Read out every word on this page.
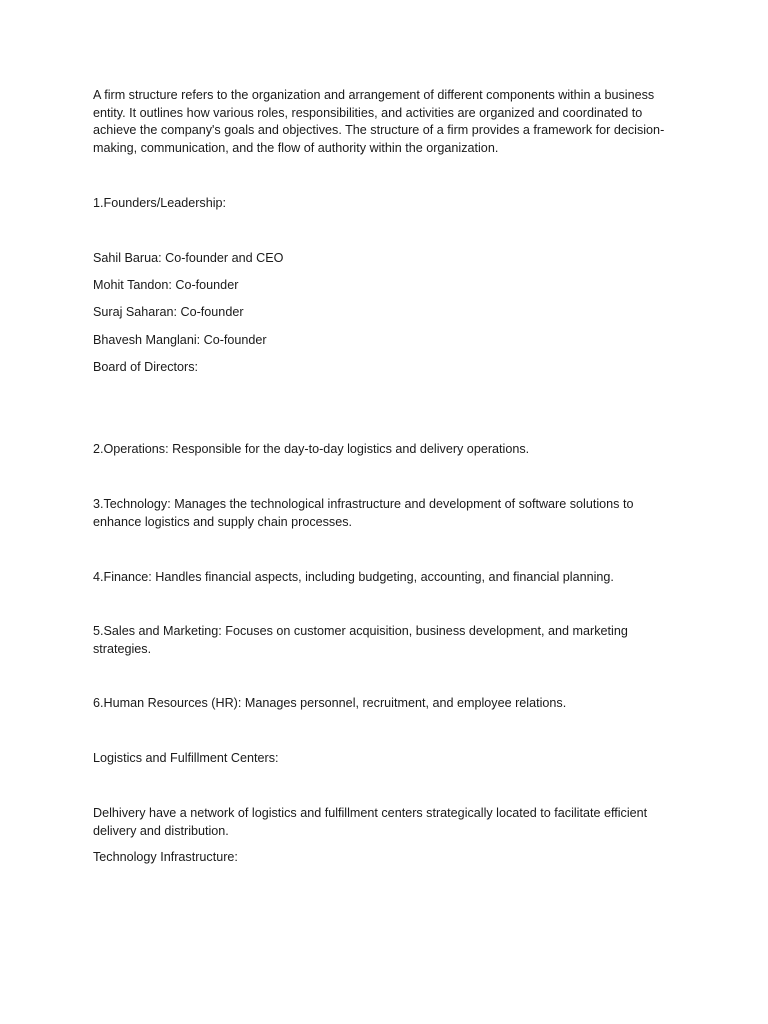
A firm structure refers to the organization and arrangement of different components within a business entity. It outlines how various roles, responsibilities, and activities are organized and coordinated to achieve the company's goals and objectives. The structure of a firm provides a framework for decision-making, communication, and the flow of authority within the organization.

1.Founders/Leadership:

Sahil Barua: Co-founder and CEO

Mohit Tandon: Co-founder

Suraj Saharan: Co-founder

Bhavesh Manglani: Co-founder

Board of Directors:

2.Operations: Responsible for the day-to-day logistics and delivery operations.

3.Technology: Manages the technological infrastructure and development of software solutions to enhance logistics and supply chain processes.

4.Finance: Handles financial aspects, including budgeting, accounting, and financial planning.

5.Sales and Marketing: Focuses on customer acquisition, business development, and marketing strategies.

6.Human Resources (HR): Manages personnel, recruitment, and employee relations.

Logistics and Fulfillment Centers:

Delhivery have a network of logistics and fulfillment centers strategically located to facilitate efficient delivery and distribution.

Technology Infrastructure:
